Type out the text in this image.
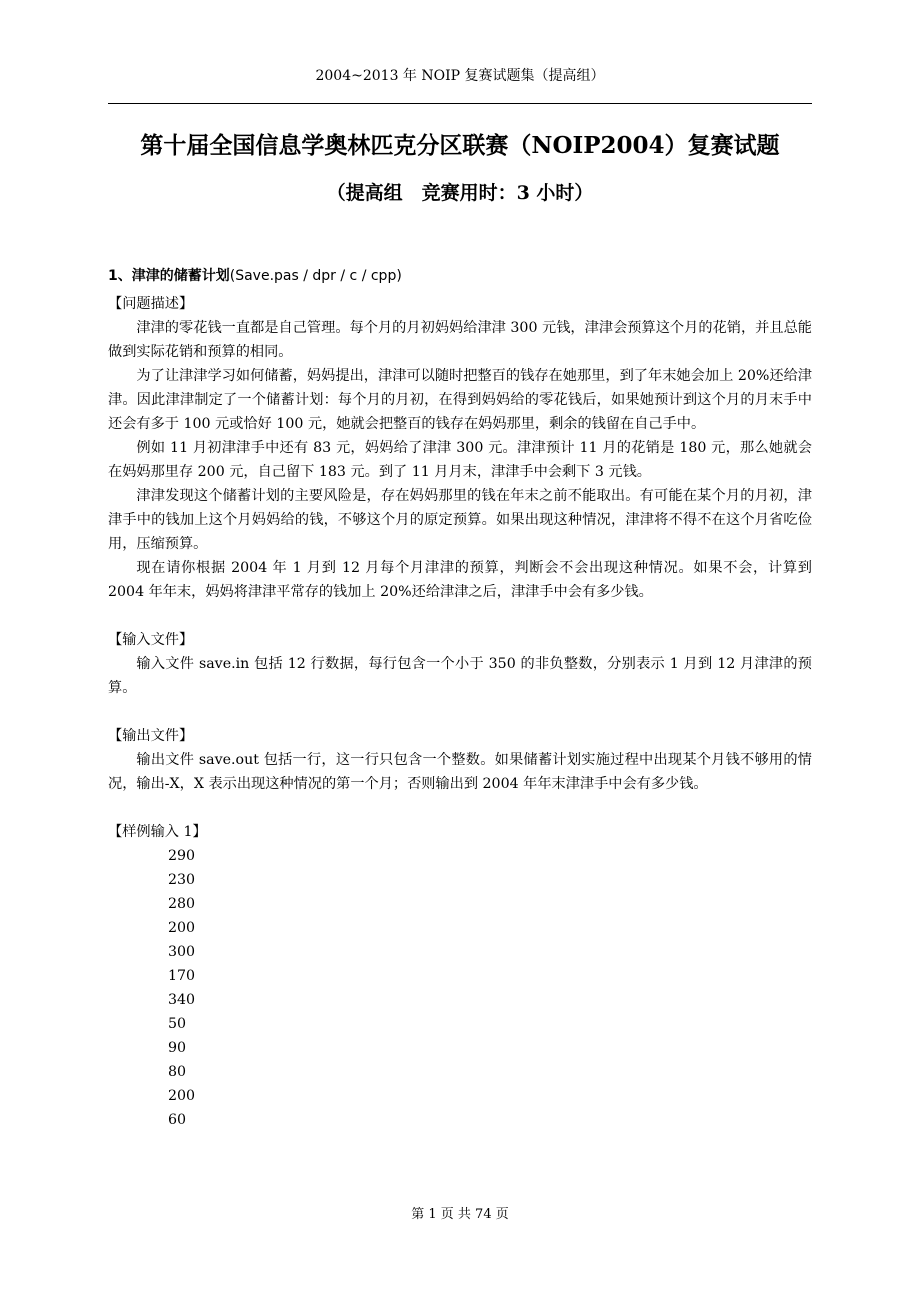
2004~2013 年 NOIP 复赛试题集（提高组）
第十届全国信息学奥林匹克分区联赛（NOIP2004）复赛试题
（提高组　竞赛用时：3 小时）
1、津津的储蓄计划(Save.pas / dpr / c / cpp)
【问题描述】

津津的零花钱一直都是自己管理。每个月的月初妈妈给津津 300 元钱，津津会预算这个月的花销，并且总能做到实际花销和预算的相同。

为了让津津学习如何储蓄，妈妈提出，津津可以随时把整百的钱存在她那里，到了年末她会加上 20%还给津津。因此津津制定了一个储蓄计划：每个月的月初，在得到妈妈给的零花钱后，如果她预计到这个月的月末手中还会有多于 100 元或恰好 100 元，她就会把整百的钱存在妈妈那里，剩余的钱留在自己手中。

例如 11 月初津津手中还有 83 元，妈妈给了津津 300 元。津津预计 11 月的花销是 180 元，那么她就会在妈妈那里存 200 元，自己留下 183 元。到了 11 月月末，津津手中会剩下 3 元钱。

津津发现这个储蓄计划的主要风险是，存在妈妈那里的钱在年末之前不能取出。有可能在某个月的月初，津津手中的钱加上这个月妈妈给的钱，不够这个月的原定预算。如果出现这种情况，津津将不得不在这个月省吃俭用，压缩预算。

现在请你根据 2004 年 1 月到 12 月每个月津津的预算，判断会不会出现这种情况。如果不会，计算到 2004 年年末，妈妈将津津平常存的钱加上 20%还给津津之后，津津手中会有多少钱。

【输入文件】

输入文件 save.in 包括 12 行数据，每行包含一个小于 350 的非负整数，分别表示 1 月到 12 月津津的预算。

【输出文件】

输出文件 save.out 包括一行，这一行只包含一个整数。如果储蓄计划实施过程中出现某个月钱不够用的情况，输出-X，X 表示出现这种情况的第一个月；否则输出到 2004 年年末津津手中会有多少钱。

【样例输入 1】
290
230
280
200
300
170
340
50
90
80
200
60
第 1 页 共 74 页
